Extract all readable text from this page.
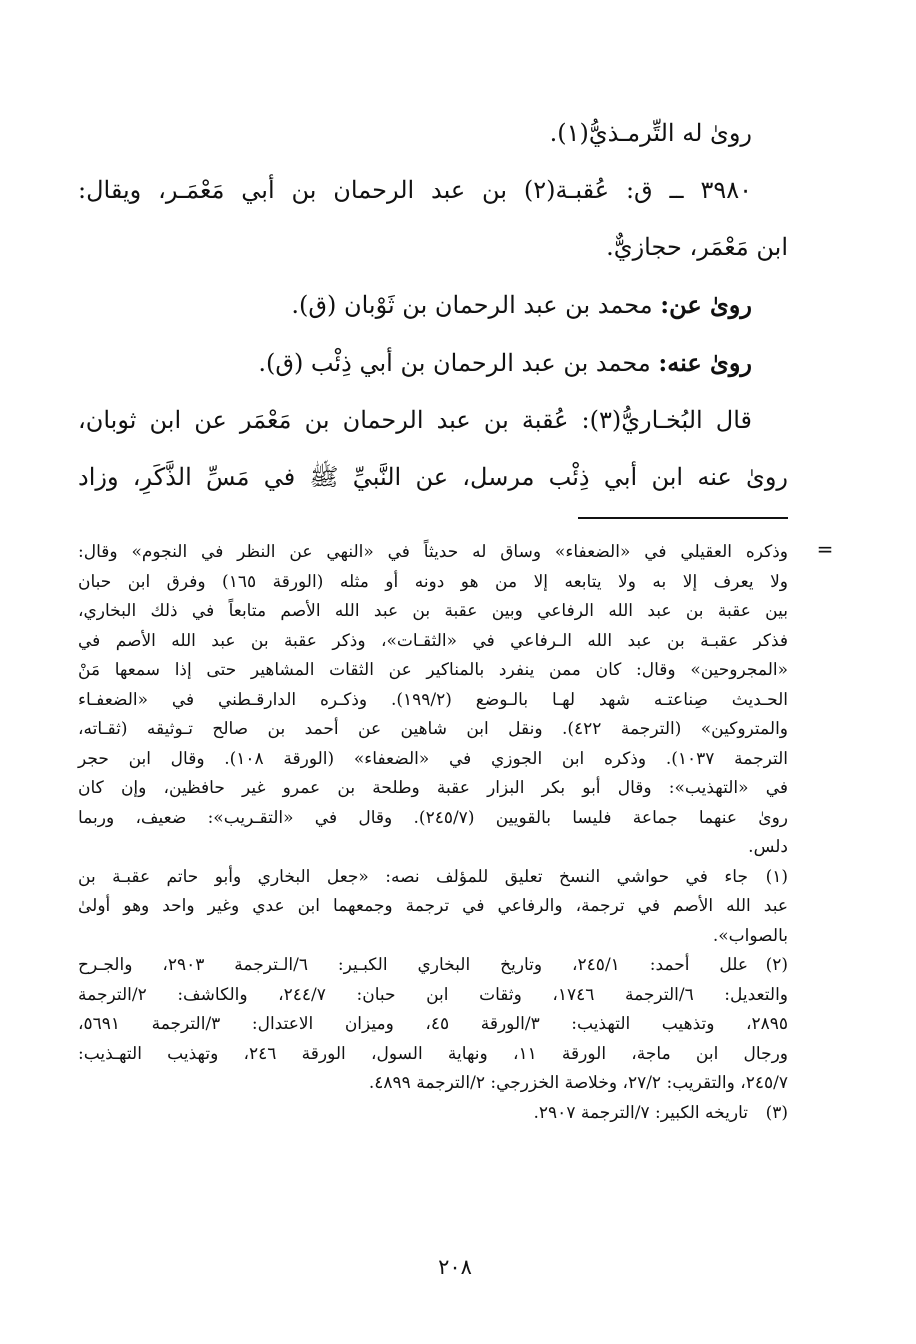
روىٰ له التِّرمـذيُّ(١).

٣٩٨٠ ــ ق: عُقبـة(٢) بن عبد الرحمان بن أبي مَعْمَـر، ويقال:

ابن مَعْمَر، حجازيٌّ.

روىٰ عن: محمد بن عبد الرحمان بن ثَوْبان (ق).

روىٰ عنه: محمد بن عبد الرحمان بن أبي ذِئْب (ق).

قال البُخـاريُّ(٣): عُقبة بن عبد الرحمان بن مَعْمَر عن ابن ثوبان،

روىٰ عنه ابن أبي ذِئْب مرسل، عن النَّبيِّ ﷺ في مَسِّ الذَّكَرِ، وزاد

=

وذكره العقيلي في «الضعفاء» وساق له حديثاً في «النهي عن النظر في النجوم» وقال:

ولا يعرف إلا به ولا يتابعه إلا من هو دونه أو مثله (الورقة ١٦٥) وفرق ابن حبان

بين عقبة بن عبد الله الرفاعي وبين عقبة بن عبد الله الأصم متابعاً في ذلك البخاري،

فذكر عقبـة بن عبد الله الـرفاعي في «الثقـات»، وذكر عقبة بن عبد الله الأصم في

«المجروحين» وقال: كان ممن ينفرد بالمناكير عن الثقات المشاهير حتى إذا سمعها مَنْ

الحـديث صِناعتـه شهد لهـا بالـوضع (١٩٩/٢). وذكـره الدارقـطني في «الضعفـاء

والمتروكين» (الترجمة ٤٢٢). ونقل ابن شاهين عن أحمد بن صالح تـوثيقه (ثقـاته،

الترجمة ١٠٣٧). وذكره ابن الجوزي في «الضعفاء» (الورقة ١٠٨). وقال ابن حجر

في «التهذيب»: وقال أبو بكر البزار عقبة وطلحة بن عمرو غير حافظين، وإن كان

روىٰ عنهما جماعة فليسا بالقويين (٢٤٥/٧). وقال في «التقـريب»: ضعيف، وربما

دلس.

(١)جاء في حواشي النسخ تعليق للمؤلف نصه: «جعل البخاري وأبو حاتم عقبـة بن

عبد الله الأصم في ترجمة، والرفاعي في ترجمة وجمعهما ابن عدي وغير واحد وهو أولىٰ

بالصواب».

(٢)علل أحمد: ٢٤٥/١، وتاريخ البخاري الكبـير: ٦/الـترجمة ٢٩٠٣، والجـرح

والتعديل: ٦/الترجمة ١٧٤٦، وثقات ابن حبان: ٢٤٤/٧، والكاشف: ٢/الترجمة

٢٨٩٥، وتذهيب التهذيب: ٣/الورقة ٤٥، وميزان الاعتدال: ٣/الترجمة ٥٦٩١،

ورجال ابن ماجة، الورقة ١١، ونهاية السول، الورقة ٢٤٦، وتهذيب التهـذيب:

٢٤٥/٧، والتقريب: ٢٧/٢، وخلاصة الخزرجي: ٢/الترجمة ٤٨٩٩.

(٣)تاريخه الكبير: ٧/الترجمة ٢٩٠٧.

٢٠٨
